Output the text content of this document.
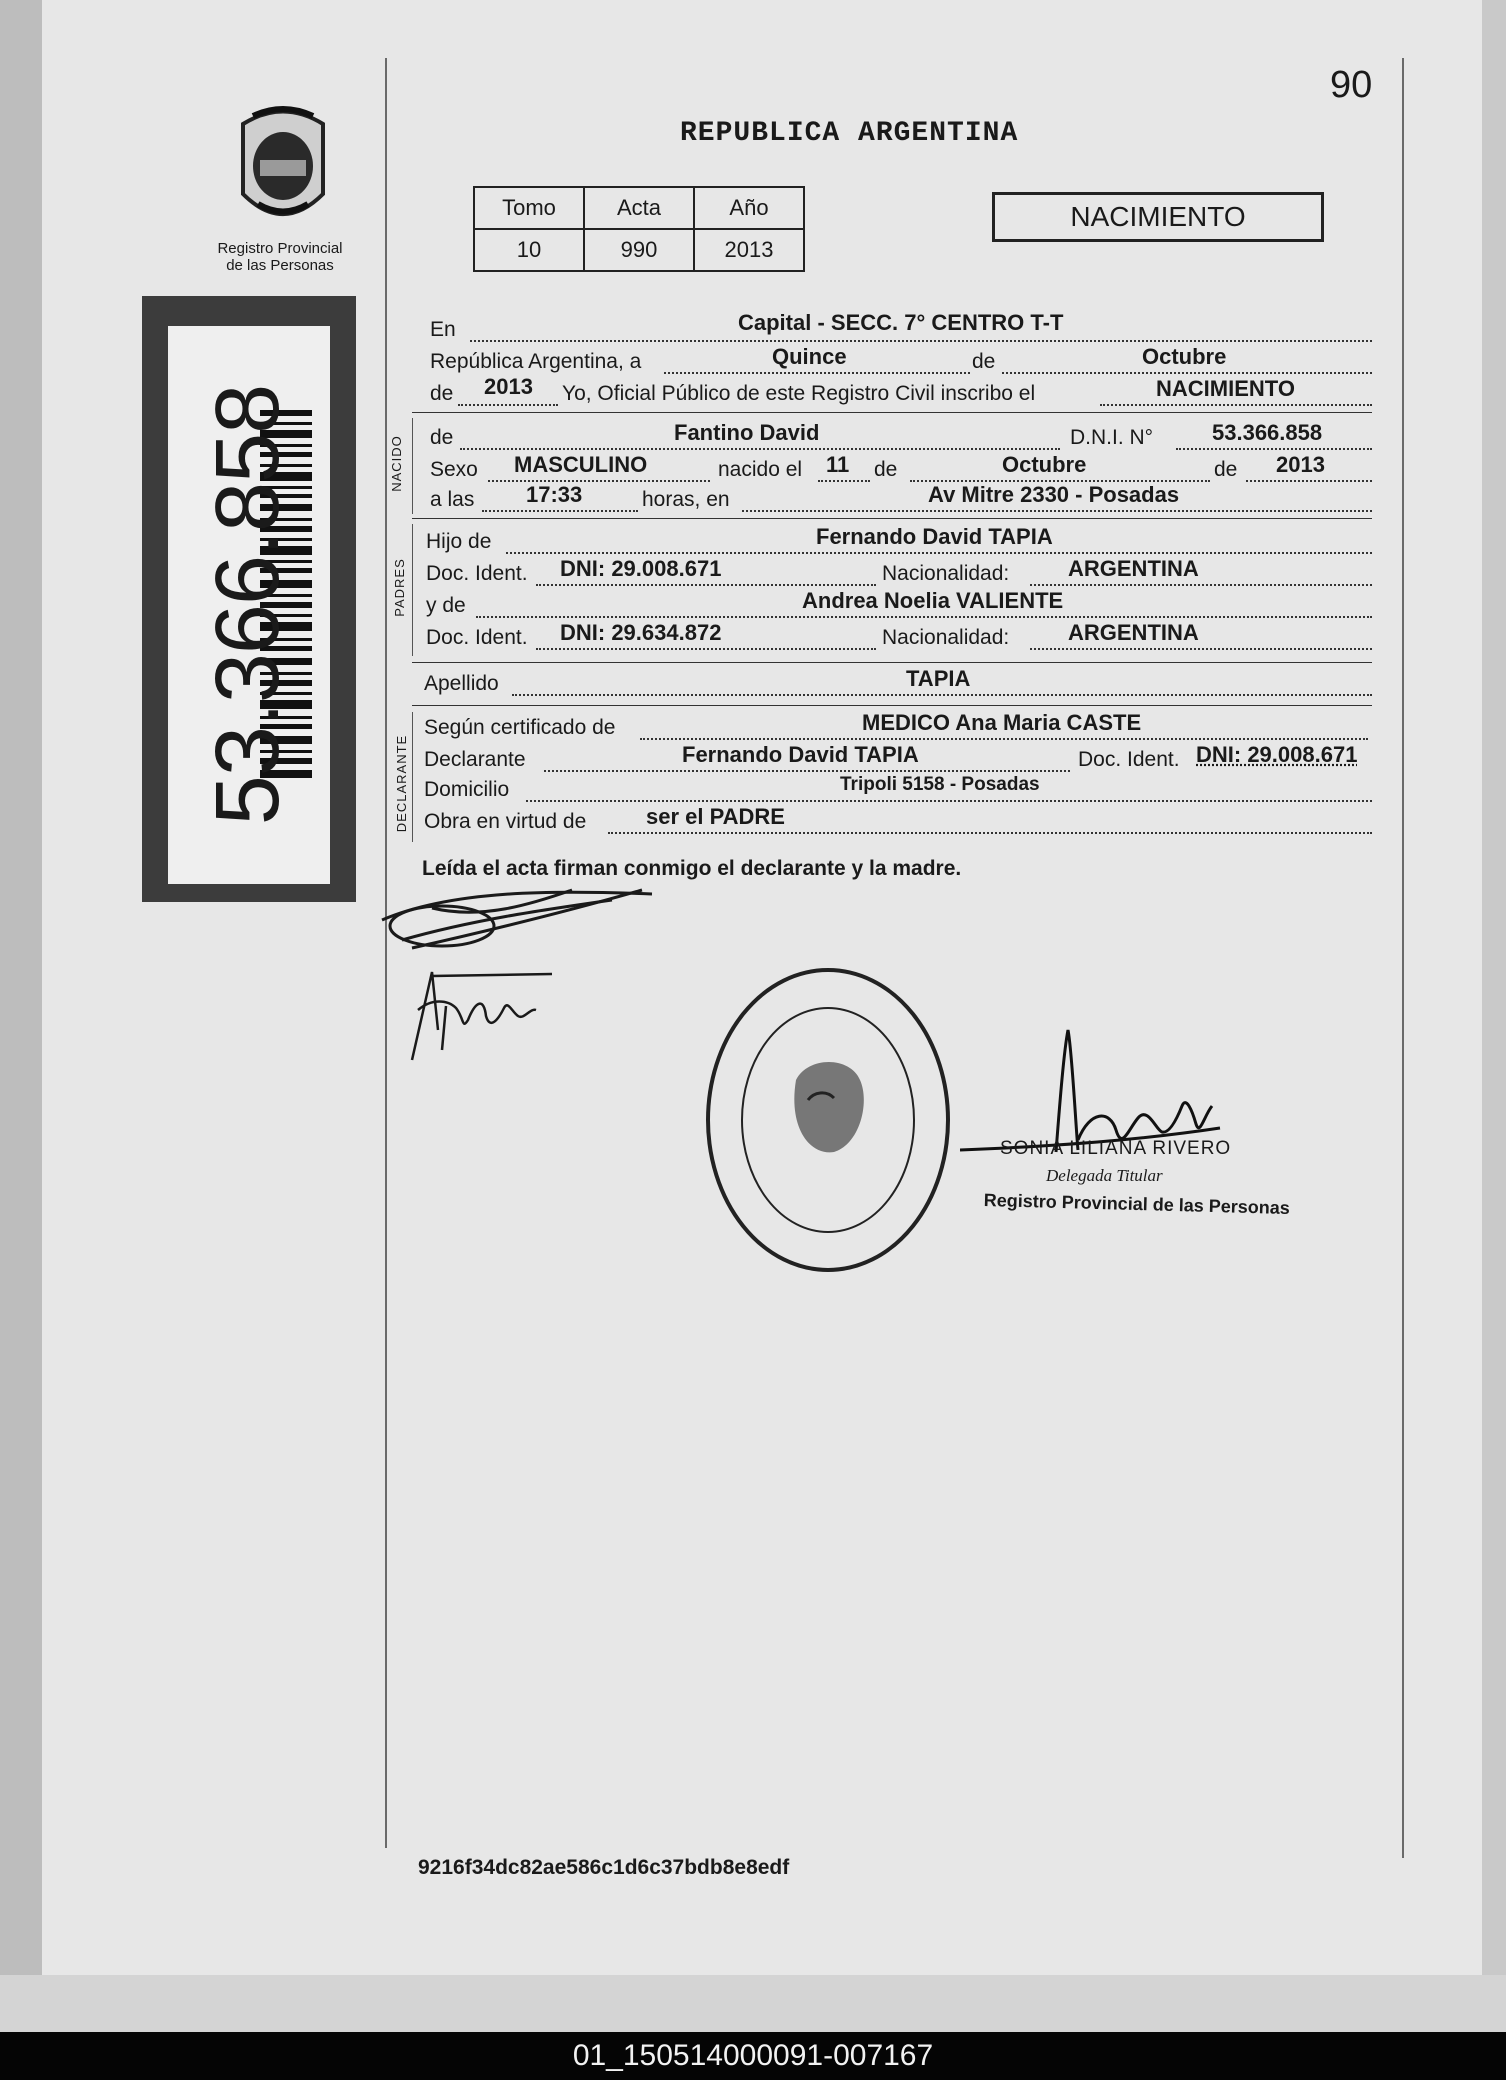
90
REPUBLICA ARGENTINA
Registro Provincial
de las Personas
Tomo	Acta	Año
10	990	2013
NACIMIENTO
53.366.858	NACIDO
PADRES
DECLARANTE
En	Capital - SECC. 7° CENTRO T-T
República Argentina, a	Quince	de	Octubre
de 2013 Yo, Oficial Público de este Registro Civil inscribo el	NACIMIENTO
de	Fantino David	D.N.I. N°	53.366.858
Sexo MASCULINO	nacido el 11 de	Octubre	de 2013
a las 17:33	horas, en	Av Mitre 2330 - Posadas
Hijo de	Fernando David TAPIA
Doc. Ident. DNI: 29.008.671	Nacionalidad:	ARGENTINA
y de	Andrea Noelia VALIENTE
Doc. Ident. DNI: 29.634.872	Nacionalidad:	ARGENTINA
Apellido	TAPIA
Según certificado de	MEDICO Ana Maria CASTE
Declarante	Fernando David TAPIA	Doc. Ident. DNI: 29.008.671
Domicilio	Tripoli 5158 - Posadas
Obra en virtud de	ser el PADRE
Leída el acta firman conmigo el declarante y la madre.
SONIA LILIANA RIVERO
Delegada Titular
Registro Provincial de las Personas
9216f34dc82ae586c1d6c37bdb8e8edf
01_150514000091-007167
